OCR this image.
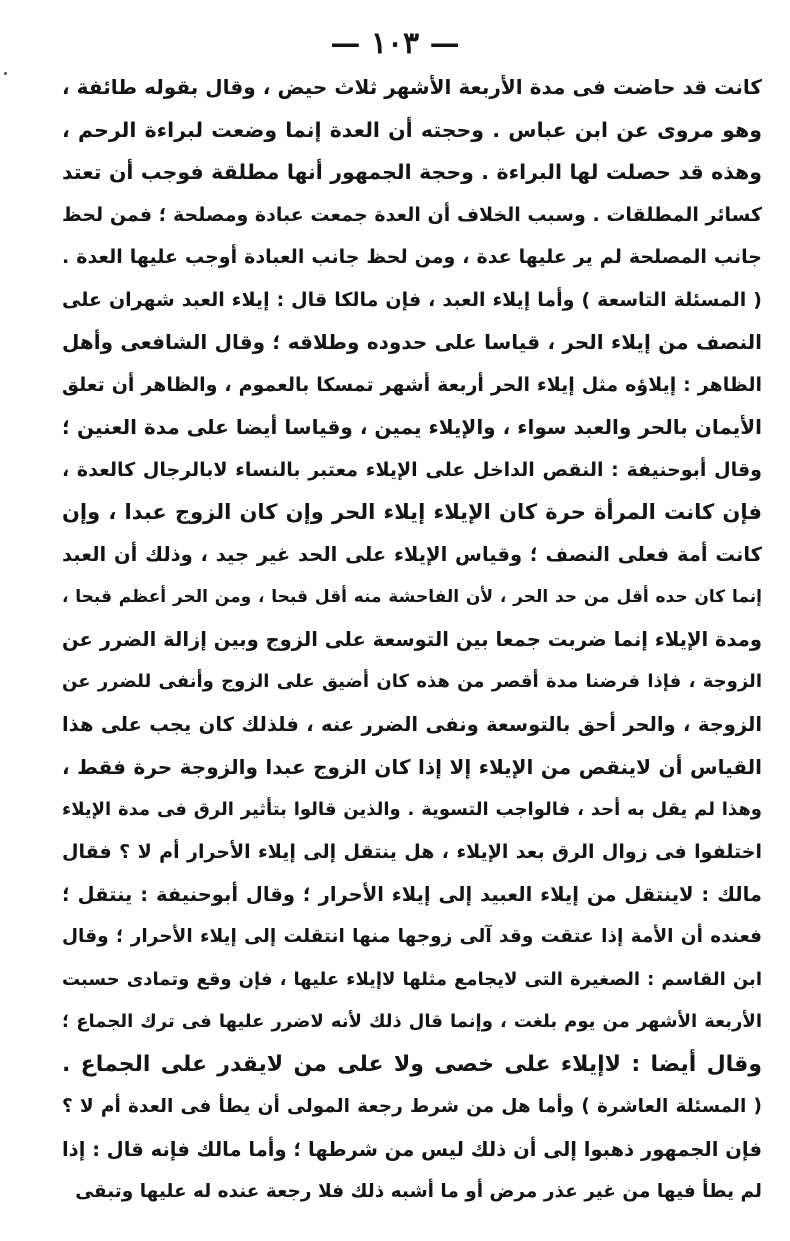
— ١٠٣ —
كانت قد حاضت فى مدة الأربعة الأشهر ثلاث حيض ، وقال بقوله طائفة ،
وهو مروى عن ابن عباس . وحجته أن العدة إنما وضعت لبراءة الرحم ،
وهذه قد حصلت لها البراءة . وحجة الجمهور أنها مطلقة فوجب أن تعتد
كسائر المطلقات . وسبب الخلاف أن العدة جمعت عبادة ومصلحة ؛ فمن لحظ
جانب المصلحة لم ير عليها عدة ، ومن لحظ جانب العبادة أوجب عليها العدة .
( المسئلة التاسعة ) وأما إيلاء العبد ، فإن مالكا قال : إيلاء العبد شهران على
النصف من إيلاء الحر ، قياسا على حدوده وطلاقه ؛ وقال الشافعى وأهل
الظاهر : إيلاؤه مثل إيلاء الحر أربعة أشهر تمسكا بالعموم ، والظاهر أن تعلق
الأيمان بالحر والعبد سواء ، والإيلاء يمين ، وقياسا أيضا على مدة العنين ؛
وقال أبوحنيفة : النقص الداخل على الإيلاء معتبر بالنساء لابالرجال كالعدة ،
فإن كانت المرأة حرة كان الإيلاء إيلاء الحر وإن كان الزوج عبدا ، وإن
كانت أمة فعلى النصف ؛ وقياس الإيلاء على الحد غير جيد ، وذلك أن العبد
إنما كان حده أقل من حد الحر ، لأن الفاحشة منه أقل قبحا ، ومن الحر أعظم قبحا ،
ومدة الإيلاء إنما ضربت جمعا بين التوسعة على الزوج وبين إزالة الضرر عن
الزوجة ، فإذا فرضنا مدة أقصر من هذه كان أضيق على الزوج وأنفى للضرر عن
الزوجة ، والحر أحق بالتوسعة ونفى الضرر عنه ، فلذلك كان يجب على هذا
القياس أن لاينقص من الإيلاء إلا إذا كان الزوج عبدا والزوجة حرة فقط ،
وهذا لم يقل به أحد ، فالواجب التسوية . والذين قالوا بتأثير الرق فى مدة الإيلاء
اختلفوا فى زوال الرق بعد الإيلاء ، هل ينتقل إلى إيلاء الأحرار أم لا ؟ فقال
مالك : لاينتقل من إيلاء العبيد إلى إيلاء الأحرار ؛ وقال أبوحنيفة : ينتقل ؛
فعنده أن الأمة إذا عتقت وقد آلى زوجها منها انتقلت إلى إيلاء الأحرار ؛ وقال
ابن القاسم : الصغيرة التى لايجامع مثلها لاإيلاء عليها ، فإن وقع وتمادى حسبت
الأربعة الأشهر من يوم بلغت ، وإنما قال ذلك لأنه لاضرر عليها فى ترك الجماع ؛
وقال أيضا : لاإيلاء على خصى ولا على من لايقدر على الجماع .
( المسئلة العاشرة ) وأما هل من شرط رجعة المولى أن يطأ فى العدة أم لا ؟
فإن الجمهور ذهبوا إلى أن ذلك ليس من شرطها ؛ وأما مالك فإنه قال : إذا
لم يطأ فيها من غير عذر مرض أو ما أشبه ذلك فلا رجعة عنده له عليها وتبقى
